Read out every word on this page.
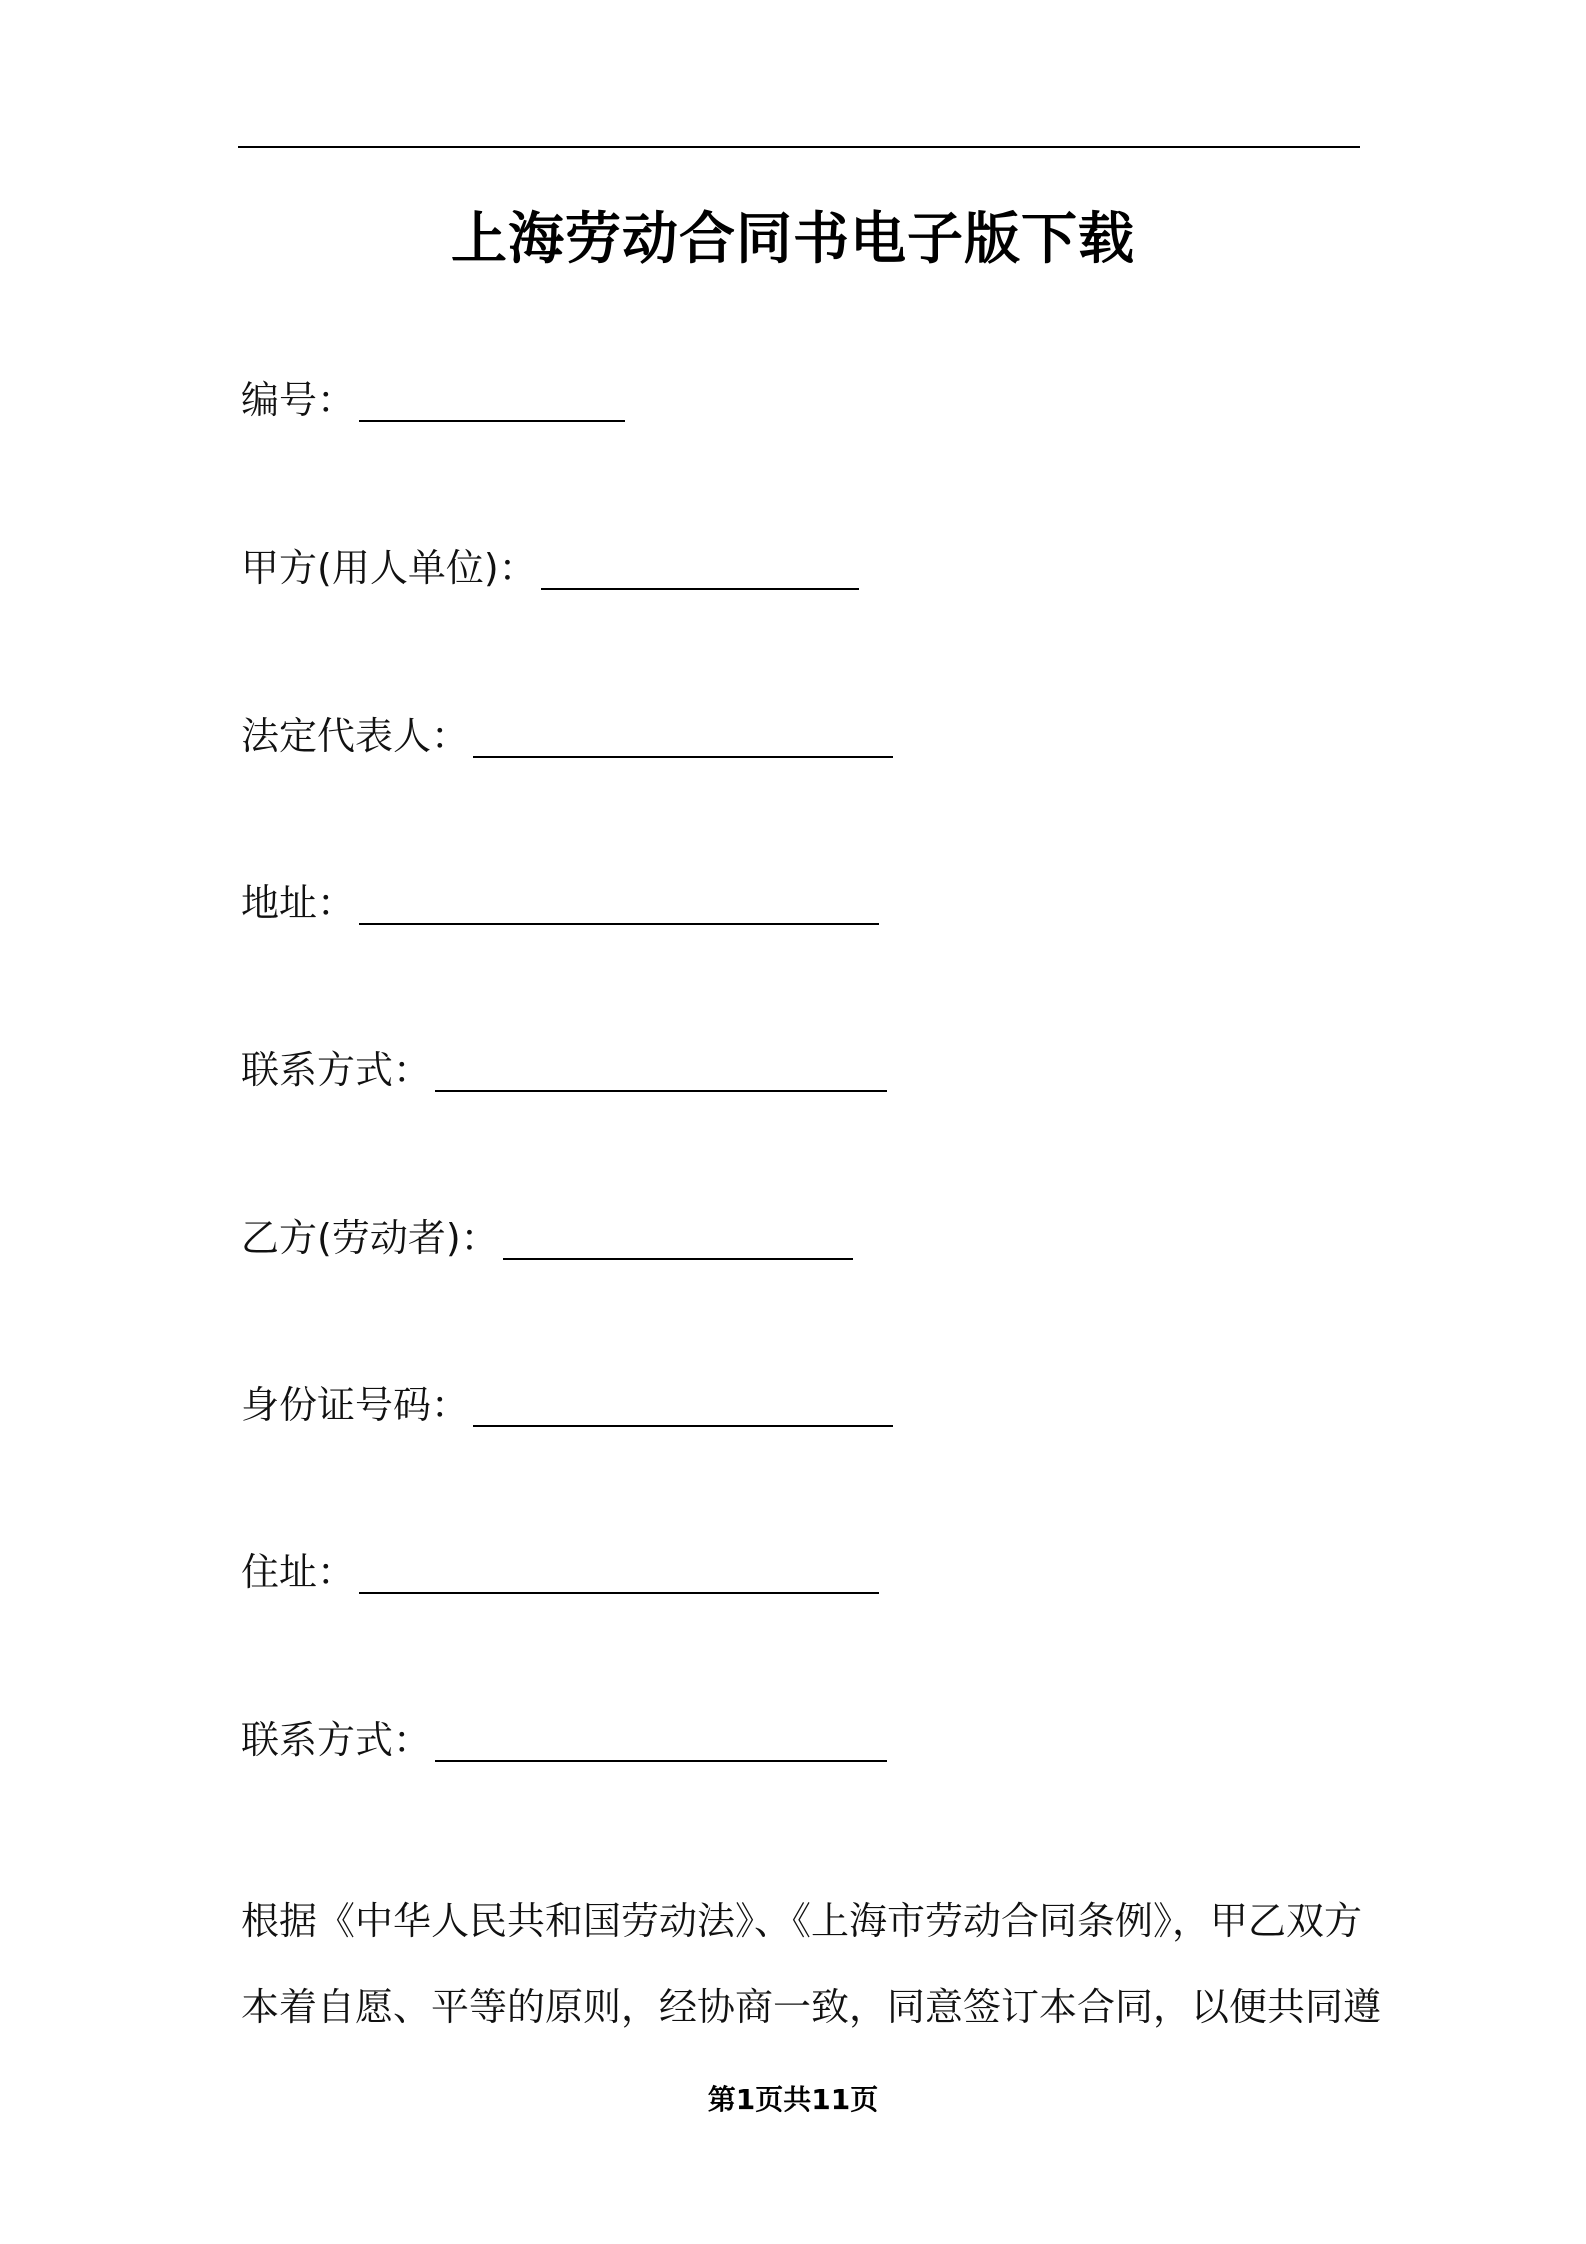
上海劳动合同书电子版下载
编号：
甲方(用人单位)：
法定代表人：
地址：
联系方式：
乙方(劳动者)：
身份证号码：
住址：
联系方式：
根据《中华人民共和国劳动法》、《上海市劳动合同条例》，甲乙双方
本着自愿、平等的原则，经协商一致，同意签订本合同，以便共同遵
第1页共11页
